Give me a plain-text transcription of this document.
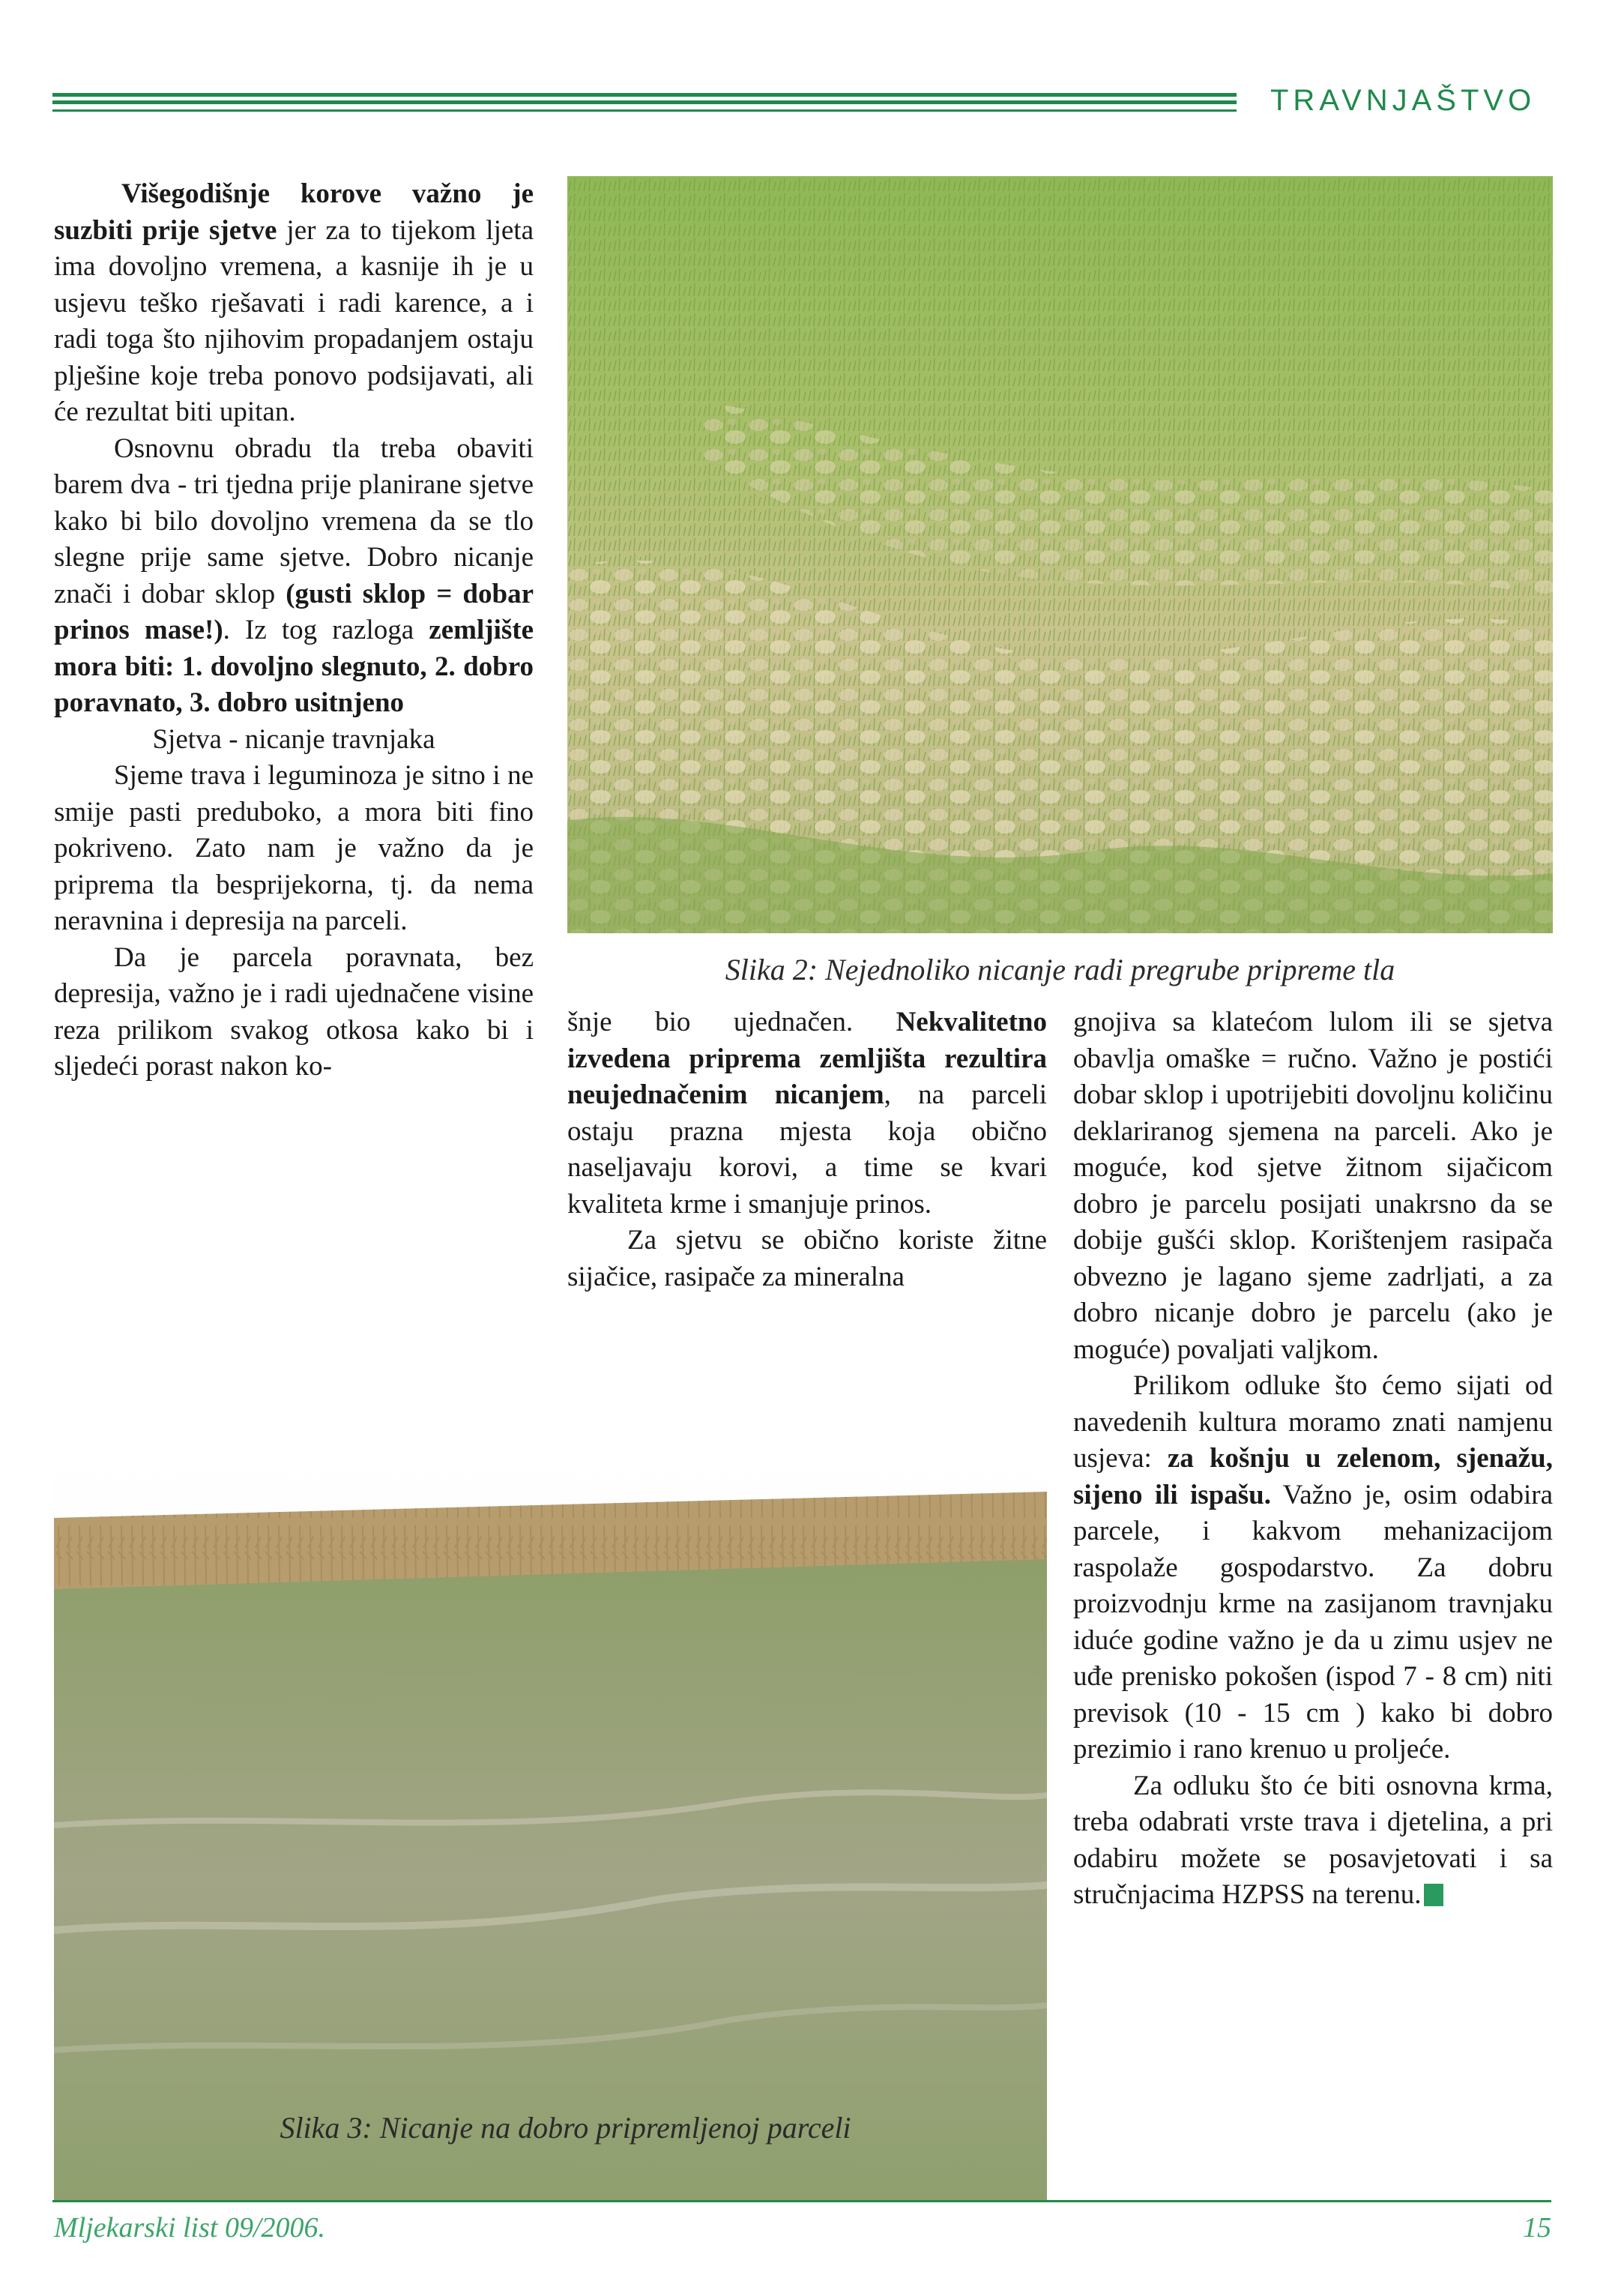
TRAVNJAŠTVO

Višegodišnje korove važno je suzbiti prije sjetve jer za to tijekom ljeta ima dovoljno vremena, a kasnije ih je u usjevu teško rješavati i radi karence, a i radi toga što njihovim propadanjem ostaju plješine koje treba ponovo podsijavati, ali će rezultat biti upitan.

Osnovnu obradu tla treba obaviti barem dva - tri tjedna prije planirane sjetve kako bi bilo dovoljno vremena da se tlo slegne prije same sjetve. Dobro nicanje znači i dobar sklop (gusti sklop = dobar prinos mase!). Iz tog razloga zemljište mora biti: 1. dovoljno slegnuto, 2. dobro poravnato, 3. dobro usitnjeno

Sjetva - nicanje travnjaka

Sjeme trava i leguminoza je sitno i ne smije pasti preduboko, a mora biti fino pokriveno. Zato nam je važno da je priprema tla besprijekorna, tj. da nema neravnina i depresija na parceli.

Da je parcela poravnata, bez depresija, važno je i radi ujednačene visine reza prilikom svakog otkosa kako bi i sljedeći porast nakon ko-

Slika 2: Nejednoliko nicanje radi pregrube pripreme tla

šnje bio ujednačen. Nekvalitetno izvedena priprema zemljišta rezultira neujednačenim nicanjem, na parceli ostaju prazna mjesta koja obično naseljavaju korovi, a time se kvari kvaliteta krme i smanjuje prinos.

Za sjetvu se obično koriste žitne sijačice, rasipače za mineralna

Slika 3: Nicanje na dobro pripremljenoj parceli

gnojiva sa klatećom lulom ili se sjetva obavlja omaške = ručno. Važno je postići dobar sklop i upotrijebiti dovoljnu količinu deklariranog sjemena na parceli. Ako je moguće, kod sjetve žitnom sijačicom dobro je parcelu posijati unakrsno da se dobije gušći sklop. Korištenjem rasipača obvezno je lagano sjeme zadrljati, a za dobro nicanje dobro je parcelu (ako je moguće) povaljati valjkom.

Prilikom odluke što ćemo sijati od navedenih kultura moramo znati namjenu usjeva: za košnju u zelenom, sjenažu, sijeno ili ispašu. Važno je, osim odabira parcele, i kakvom mehanizacijom raspolaže gospodarstvo. Za dobru proizvodnju krme na zasijanom travnjaku iduće godine važno je da u zimu usjev ne uđe prenisko pokošen (ispod 7 - 8 cm) niti previsok (10 - 15 cm ) kako bi dobro prezimio i rano krenuo u proljeće.

Za odluku što će biti osnovna krma, treba odabrati vrste trava i djetelina, a pri odabiru možete se posavjetovati i sa stručnjacima HZPSS na terenu.

Mljekarski list 09/2006.	15
